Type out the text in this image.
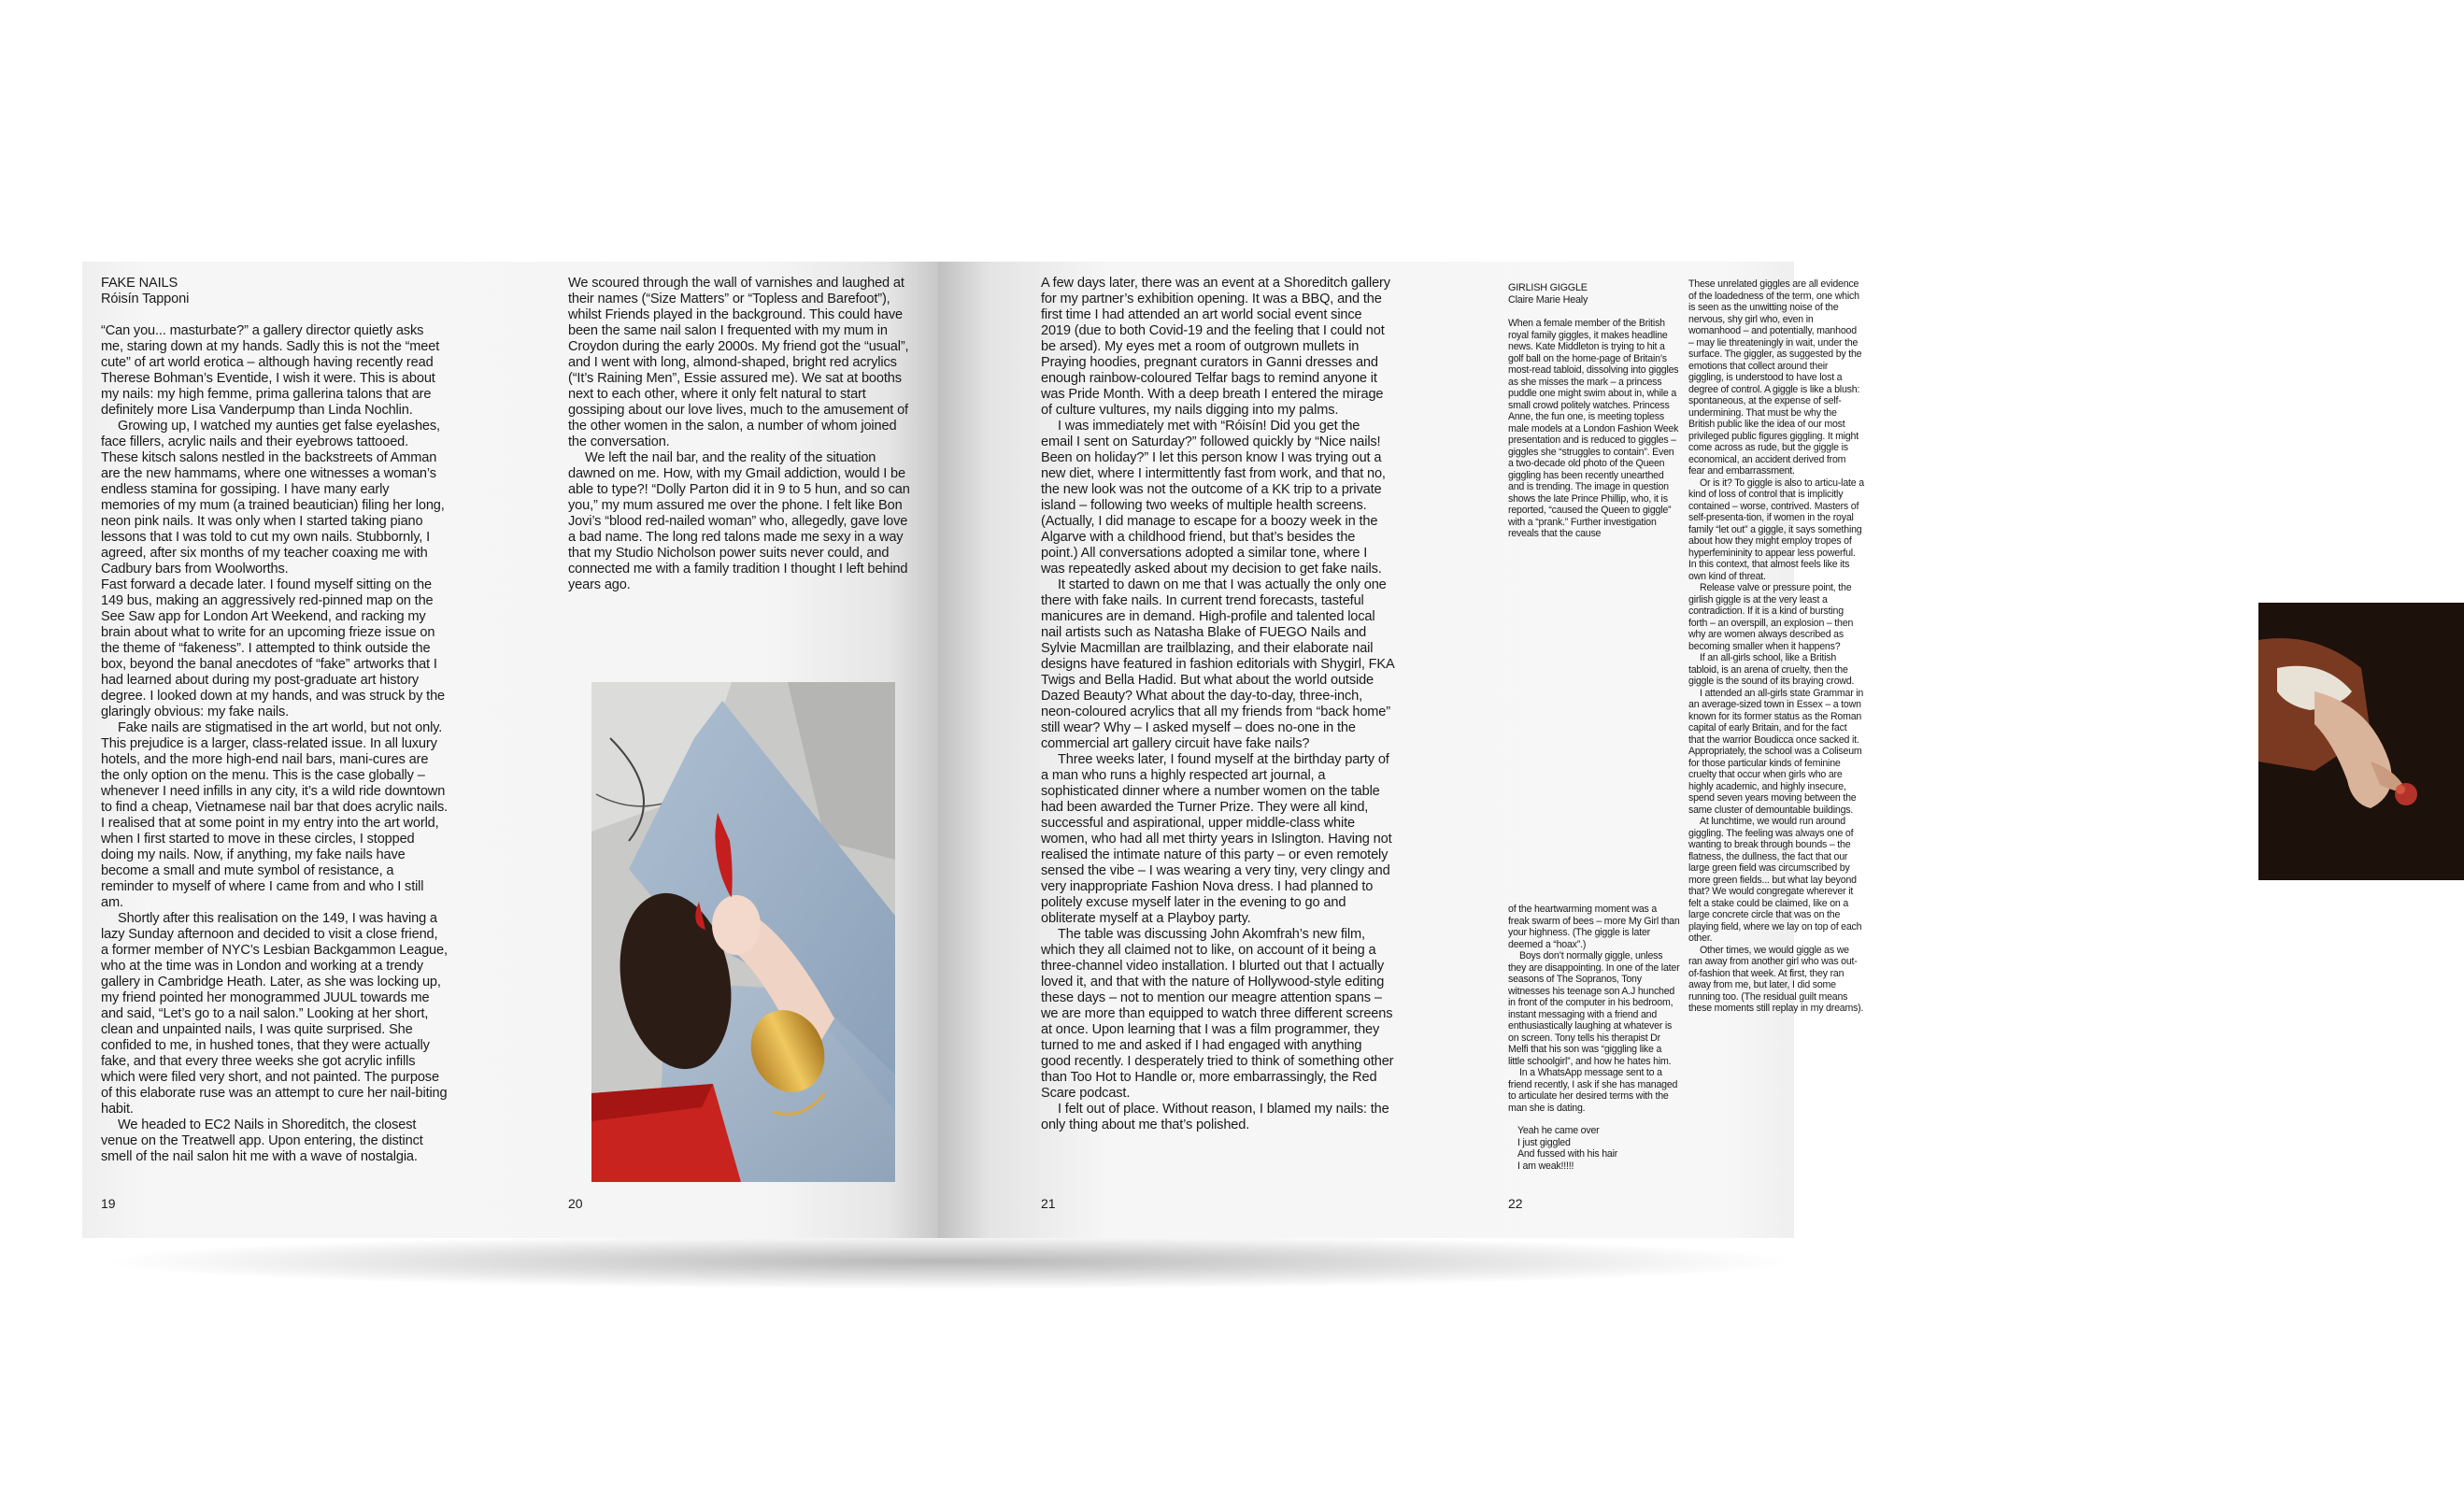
FAKE NAILS
Róisín Tapponi

“Can you... masturbate?” a gallery director quietly asks me, staring down at my hands. Sadly this is not the “meet cute” of art world erotica – although having recently read Therese Bohman’s Eventide, I wish it were. This is about my nails: my high femme, prima gallerina talons that are definitely more Lisa Vanderpump than Linda Nochlin.

Growing up, I watched my aunties get false eyelashes, face fillers, acrylic nails and their eyebrows tattooed. These kitsch salons nestled in the backstreets of Amman are the new hammams, where one witnesses a woman’s endless stamina for gossiping. I have many early memories of my mum (a trained beautician) filing her long, neon pink nails. It was only when I started taking piano lessons that I was told to cut my own nails. Stubbornly, I agreed, after six months of my teacher coaxing me with Cadbury bars from Woolworths.

Fast forward a decade later. I found myself sitting on the 149 bus, making an aggressively red-pinned map on the See Saw app for London Art Weekend, and racking my brain about what to write for an upcoming frieze issue on the theme of “fakeness”. I attempted to think outside the box, beyond the banal anecdotes of “fake” artworks that I had learned about during my post-graduate art history degree. I looked down at my hands, and was struck by the glaringly obvious: my fake nails.

Fake nails are stigmatised in the art world, but not only. This prejudice is a larger, class-related issue. In all luxury hotels, and the more high-end nail bars, mani-cures are the only option on the menu. This is the case globally – whenever I need infills in any city, it’s a wild ride downtown to find a cheap, Vietnamese nail bar that does acrylic nails. I realised that at some point in my entry into the art world, when I first started to move in these circles, I stopped doing my nails. Now, if anything, my fake nails have become a small and mute symbol of resistance, a reminder to myself of where I came from and who I still am.

Shortly after this realisation on the 149, I was having a lazy Sunday afternoon and decided to visit a close friend, a former member of NYC’s Lesbian Backgammon League, who at the time was in London and working at a trendy gallery in Cambridge Heath. Later, as she was locking up, my friend pointed her monogrammed JUUL towards me and said, “Let’s go to a nail salon.” Looking at her short, clean and unpainted nails, I was quite surprised. She confided to me, in hushed tones, that they were actually fake, and that every three weeks she got acrylic infills which were filed very short, and not painted. The purpose of this elaborate ruse was an attempt to cure her nail-biting habit.

We headed to EC2 Nails in Shoreditch, the closest venue on the Treatwell app. Upon entering, the distinct smell of the nail salon hit me with a wave of nostalgia.

19

We scoured through the wall of varnishes and laughed at their names (“Size Matters” or “Topless and Barefoot”), whilst Friends played in the background. This could have been the same nail salon I frequented with my mum in Croydon during the early 2000s. My friend got the “usual”, and I went with long, almond-shaped, bright red acrylics (“It’s Raining Men”, Essie assured me). We sat at booths next to each other, where it only felt natural to start gossiping about our love lives, much to the amusement of the other women in the salon, a number of whom joined the conversation.

We left the nail bar, and the reality of the situation dawned on me. How, with my Gmail addiction, would I be able to type?! “Dolly Parton did it in 9 to 5 hun, and so can you,” my mum assured me over the phone. I felt like Bon Jovi’s “blood red-nailed woman” who, allegedly, gave love a bad name. The long red talons made me sexy in a way that my Studio Nicholson power suits never could, and connected me with a family tradition I thought I left behind years ago.

20

A few days later, there was an event at a Shoreditch gallery for my partner’s exhibition opening. It was a BBQ, and the first time I had attended an art world social event since 2019 (due to both Covid-19 and the feeling that I could not be arsed). My eyes met a room of outgrown mullets in Praying hoodies, pregnant curators in Ganni dresses and enough rainbow-coloured Telfar bags to remind anyone it was Pride Month. With a deep breath I entered the mirage of culture vultures, my nails digging into my palms.

I was immediately met with “Róisín! Did you get the email I sent on Saturday?” followed quickly by “Nice nails! Been on holiday?” I let this person know I was trying out a new diet, where I intermittently fast from work, and that no, the new look was not the outcome of a KK trip to a private island – following two weeks of multiple health screens. (Actually, I did manage to escape for a boozy week in the Algarve with a childhood friend, but that’s besides the point.) All conversations adopted a similar tone, where I was repeatedly asked about my decision to get fake nails.

It started to dawn on me that I was actually the only one there with fake nails. In current trend forecasts, tasteful manicures are in demand. High-profile and talented local nail artists such as Natasha Blake of FUEGO Nails and Sylvie Macmillan are trailblazing, and their elaborate nail designs have featured in fashion editorials with Shygirl, FKA Twigs and Bella Hadid. But what about the world outside Dazed Beauty? What about the day-to-day, three-inch, neon-coloured acrylics that all my friends from “back home” still wear? Why – I asked myself – does no-one in the commercial art gallery circuit have fake nails?

Three weeks later, I found myself at the birthday party of a man who runs a highly respected art journal, a sophisticated dinner where a number women on the table had been awarded the Turner Prize. They were all kind, successful and aspirational, upper middle-class white women, who had all met thirty years in Islington. Having not realised the intimate nature of this party – or even remotely sensed the vibe – I was wearing a very tiny, very clingy and very inappropriate Fashion Nova dress. I had planned to politely excuse myself later in the evening to go and obliterate myself at a Playboy party.

The table was discussing John Akomfrah’s new film, which they all claimed not to like, on account of it being a three-channel video installation. I blurted out that I actually loved it, and that with the nature of Hollywood-style editing these days – not to mention our meagre attention spans – we are more than equipped to watch three different screens at once. Upon learning that I was a film programmer, they turned to me and asked if I had engaged with anything good recently. I desperately tried to think of something other than Too Hot to Handle or, more embarrassingly, the Red Scare podcast.

I felt out of place. Without reason, I blamed my nails: the only thing about me that’s polished.

21
GIRLISH GIGGLE
Claire Marie Healy

When a female member of the British royal family giggles, it makes headline news. Kate Middleton is trying to hit a golf ball on the home-page of Britain’s most-read tabloid, dissolving into giggles as she misses the mark – a princess puddle one might swim about in, while a small crowd politely watches. Princess Anne, the fun one, is meeting topless male models at a London Fashion Week presentation and is reduced to giggles – giggles she “struggles to contain”. Even a two-decade old photo of the Queen giggling has been recently unearthed and is trending. The image in question shows the late Prince Phillip, who, it is reported, “caused the Queen to giggle” with a “prank.” Further investigation reveals that the cause

of the heartwarming moment was a freak swarm of bees – more My Girl than your highness. (The giggle is later deemed a “hoax”.)

Boys don’t normally giggle, unless they are disappointing. In one of the later seasons of The Sopranos, Tony witnesses his teenage son A.J hunched in front of the computer in his bedroom, instant messaging with a friend and enthusiastically laughing at whatever is on screen. Tony tells his therapist Dr Melfi that his son was “giggling like a little schoolgirl”, and how he hates him.

In a WhatsApp message sent to a friend recently, I ask if she has managed to articulate her desired terms with the man she is dating.

Yeah he came over

I just giggled

And fussed with his hair

I am weak!!!!!

22

These unrelated giggles are all evidence of the loadedness of the term, one which is seen as the unwitting noise of the nervous, shy girl who, even in womanhood – and potentially, manhood – may lie threateningly in wait, under the surface. The giggler, as suggested by the emotions that collect around their giggling, is understood to have lost a degree of control. A giggle is like a blush: spontaneous, at the expense of self-undermining. That must be why the British public like the idea of our most privileged public figures giggling. It might come across as rude, but the giggle is economical, an accident derived from fear and embarrassment.

Or is it? To giggle is also to articu-late a kind of loss of control that is implicitly contained – worse, contrived. Masters of self-presenta-tion, if women in the royal family “let out” a giggle, it says something about how they might employ tropes of hyperfemininity to appear less powerful. In this context, that almost feels like its own kind of threat.

Release valve or pressure point, the girlish giggle is at the very least a contradiction. If it is a kind of bursting forth – an overspill, an explosion – then why are women always described as becoming smaller when it happens?

If an all-girls school, like a British tabloid, is an arena of cruelty, then the giggle is the sound of its braying crowd.

I attended an all-girls state Grammar in an average-sized town in Essex – a town known for its former status as the Roman capital of early Britain, and for the fact that the warrior Boudicca once sacked it. Appropriately, the school was a Coliseum for those particular kinds of feminine cruelty that occur when girls who are highly academic, and highly insecure, spend seven years moving between the same cluster of demountable buildings.

At lunchtime, we would run around giggling. The feeling was always one of wanting to break through bounds – the flatness, the dullness, the fact that our large green field was circumscribed by more green fields... but what lay beyond that? We would congregate wherever it felt a stake could be claimed, like on a large concrete circle that was on the playing field, where we lay on top of each other.

Other times, we would giggle as we ran away from another girl who was out-of-fashion that week. At first, they ran away from me, but later, I did some running too. (The residual guilt means these moments still replay in my dreams).
